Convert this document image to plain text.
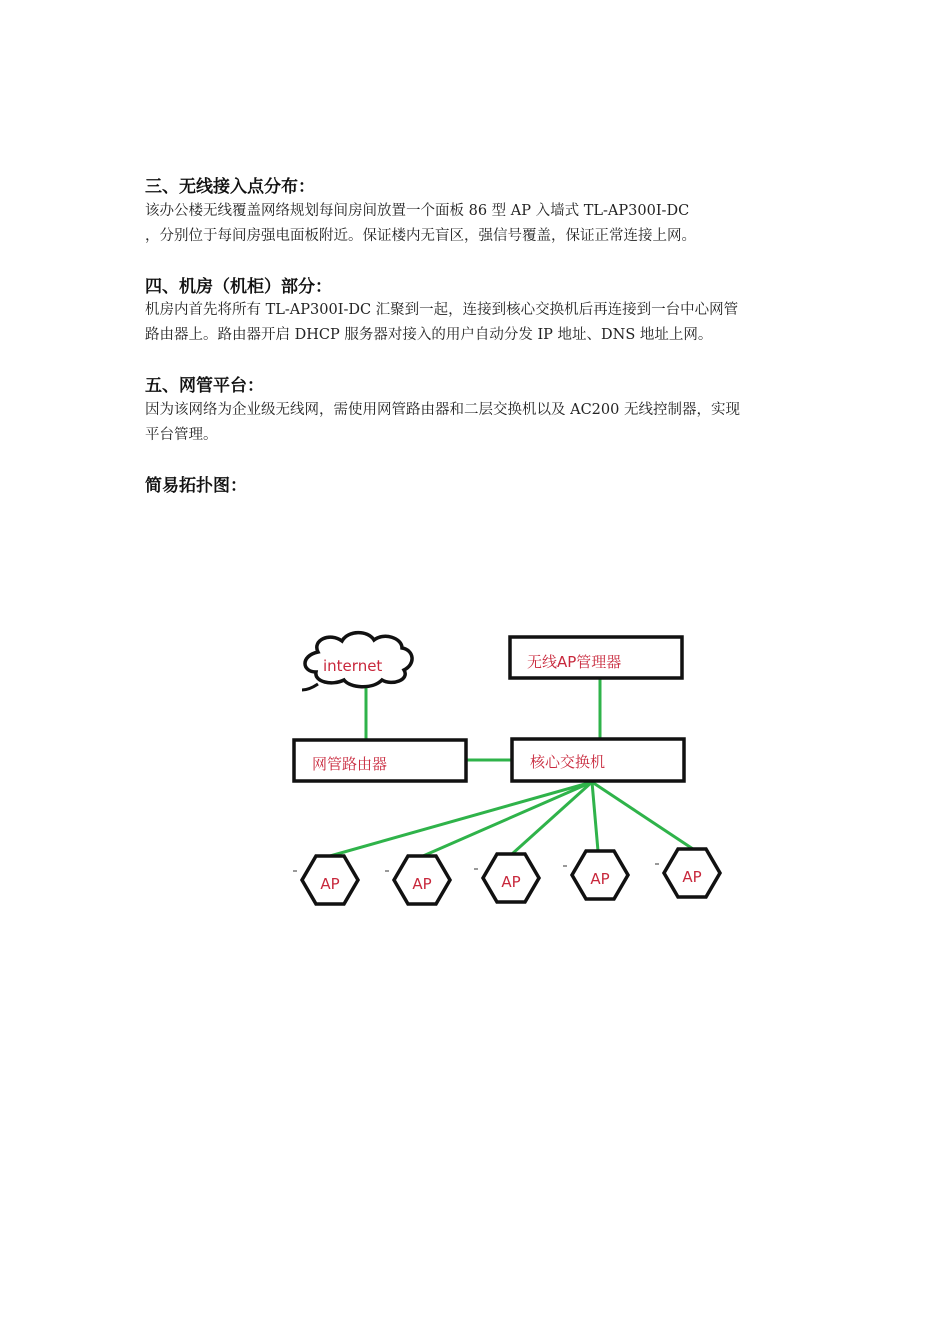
三、无线接入点分布：
该办公楼无线覆盖网络规划每间房间放置一个面板 86 型 AP 入墙式 TL-AP300I-DC
，分别位于每间房强电面板附近。保证楼内无盲区，强信号覆盖，保证正常连接上网。
四、机房（机柜）部分：
机房内首先将所有 TL-AP300I-DC 汇聚到一起，连接到核心交换机后再连接到一台中心网管
路由器上。路由器开启 DHCP 服务器对接入的用户自动分发 IP 地址、DNS 地址上网。
五、网管平台：
因为该网络为企业级无线网，需使用网管路由器和二层交换机以及 AC200 无线控制器，实现
平台管理。
简易拓扑图：
internet	无线AP管理器
网管路由器	核心交换机
AP	AP	AP	AP	AP
